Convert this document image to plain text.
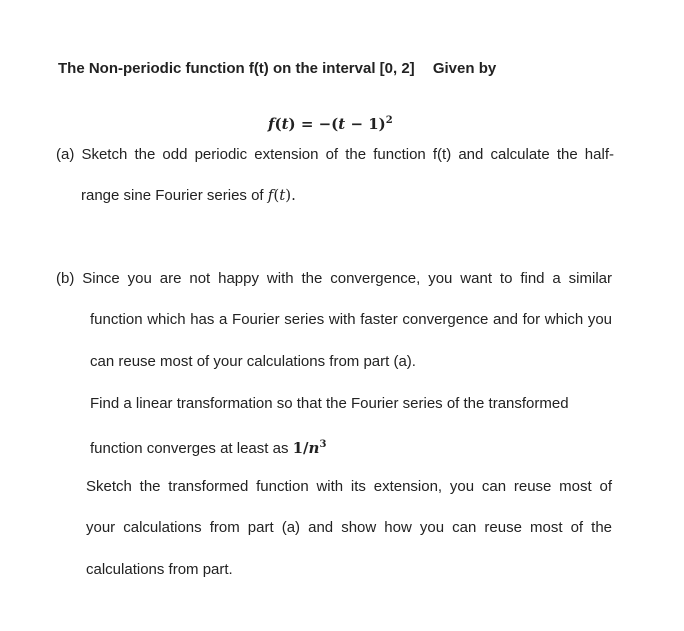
The Non-periodic function f(t) on the interval [0, 2] Given by
$f(t) = -(t - 1)^2$
(a) Sketch the odd periodic extension of the function f(t) and calculate the half-
range sine Fourier series of f(t).
(b) Since you are not happy with the convergence, you want to find a similar
function which has a Fourier series with faster convergence and for which you
can reuse most of your calculations from part (a).
Find a linear transformation so that the Fourier series of the transformed
function converges at least as $1/n^3$
Sketch the transformed function with its extension, you can reuse most of
your calculations from part (a) and show how you can reuse most of the
calculations from part.
